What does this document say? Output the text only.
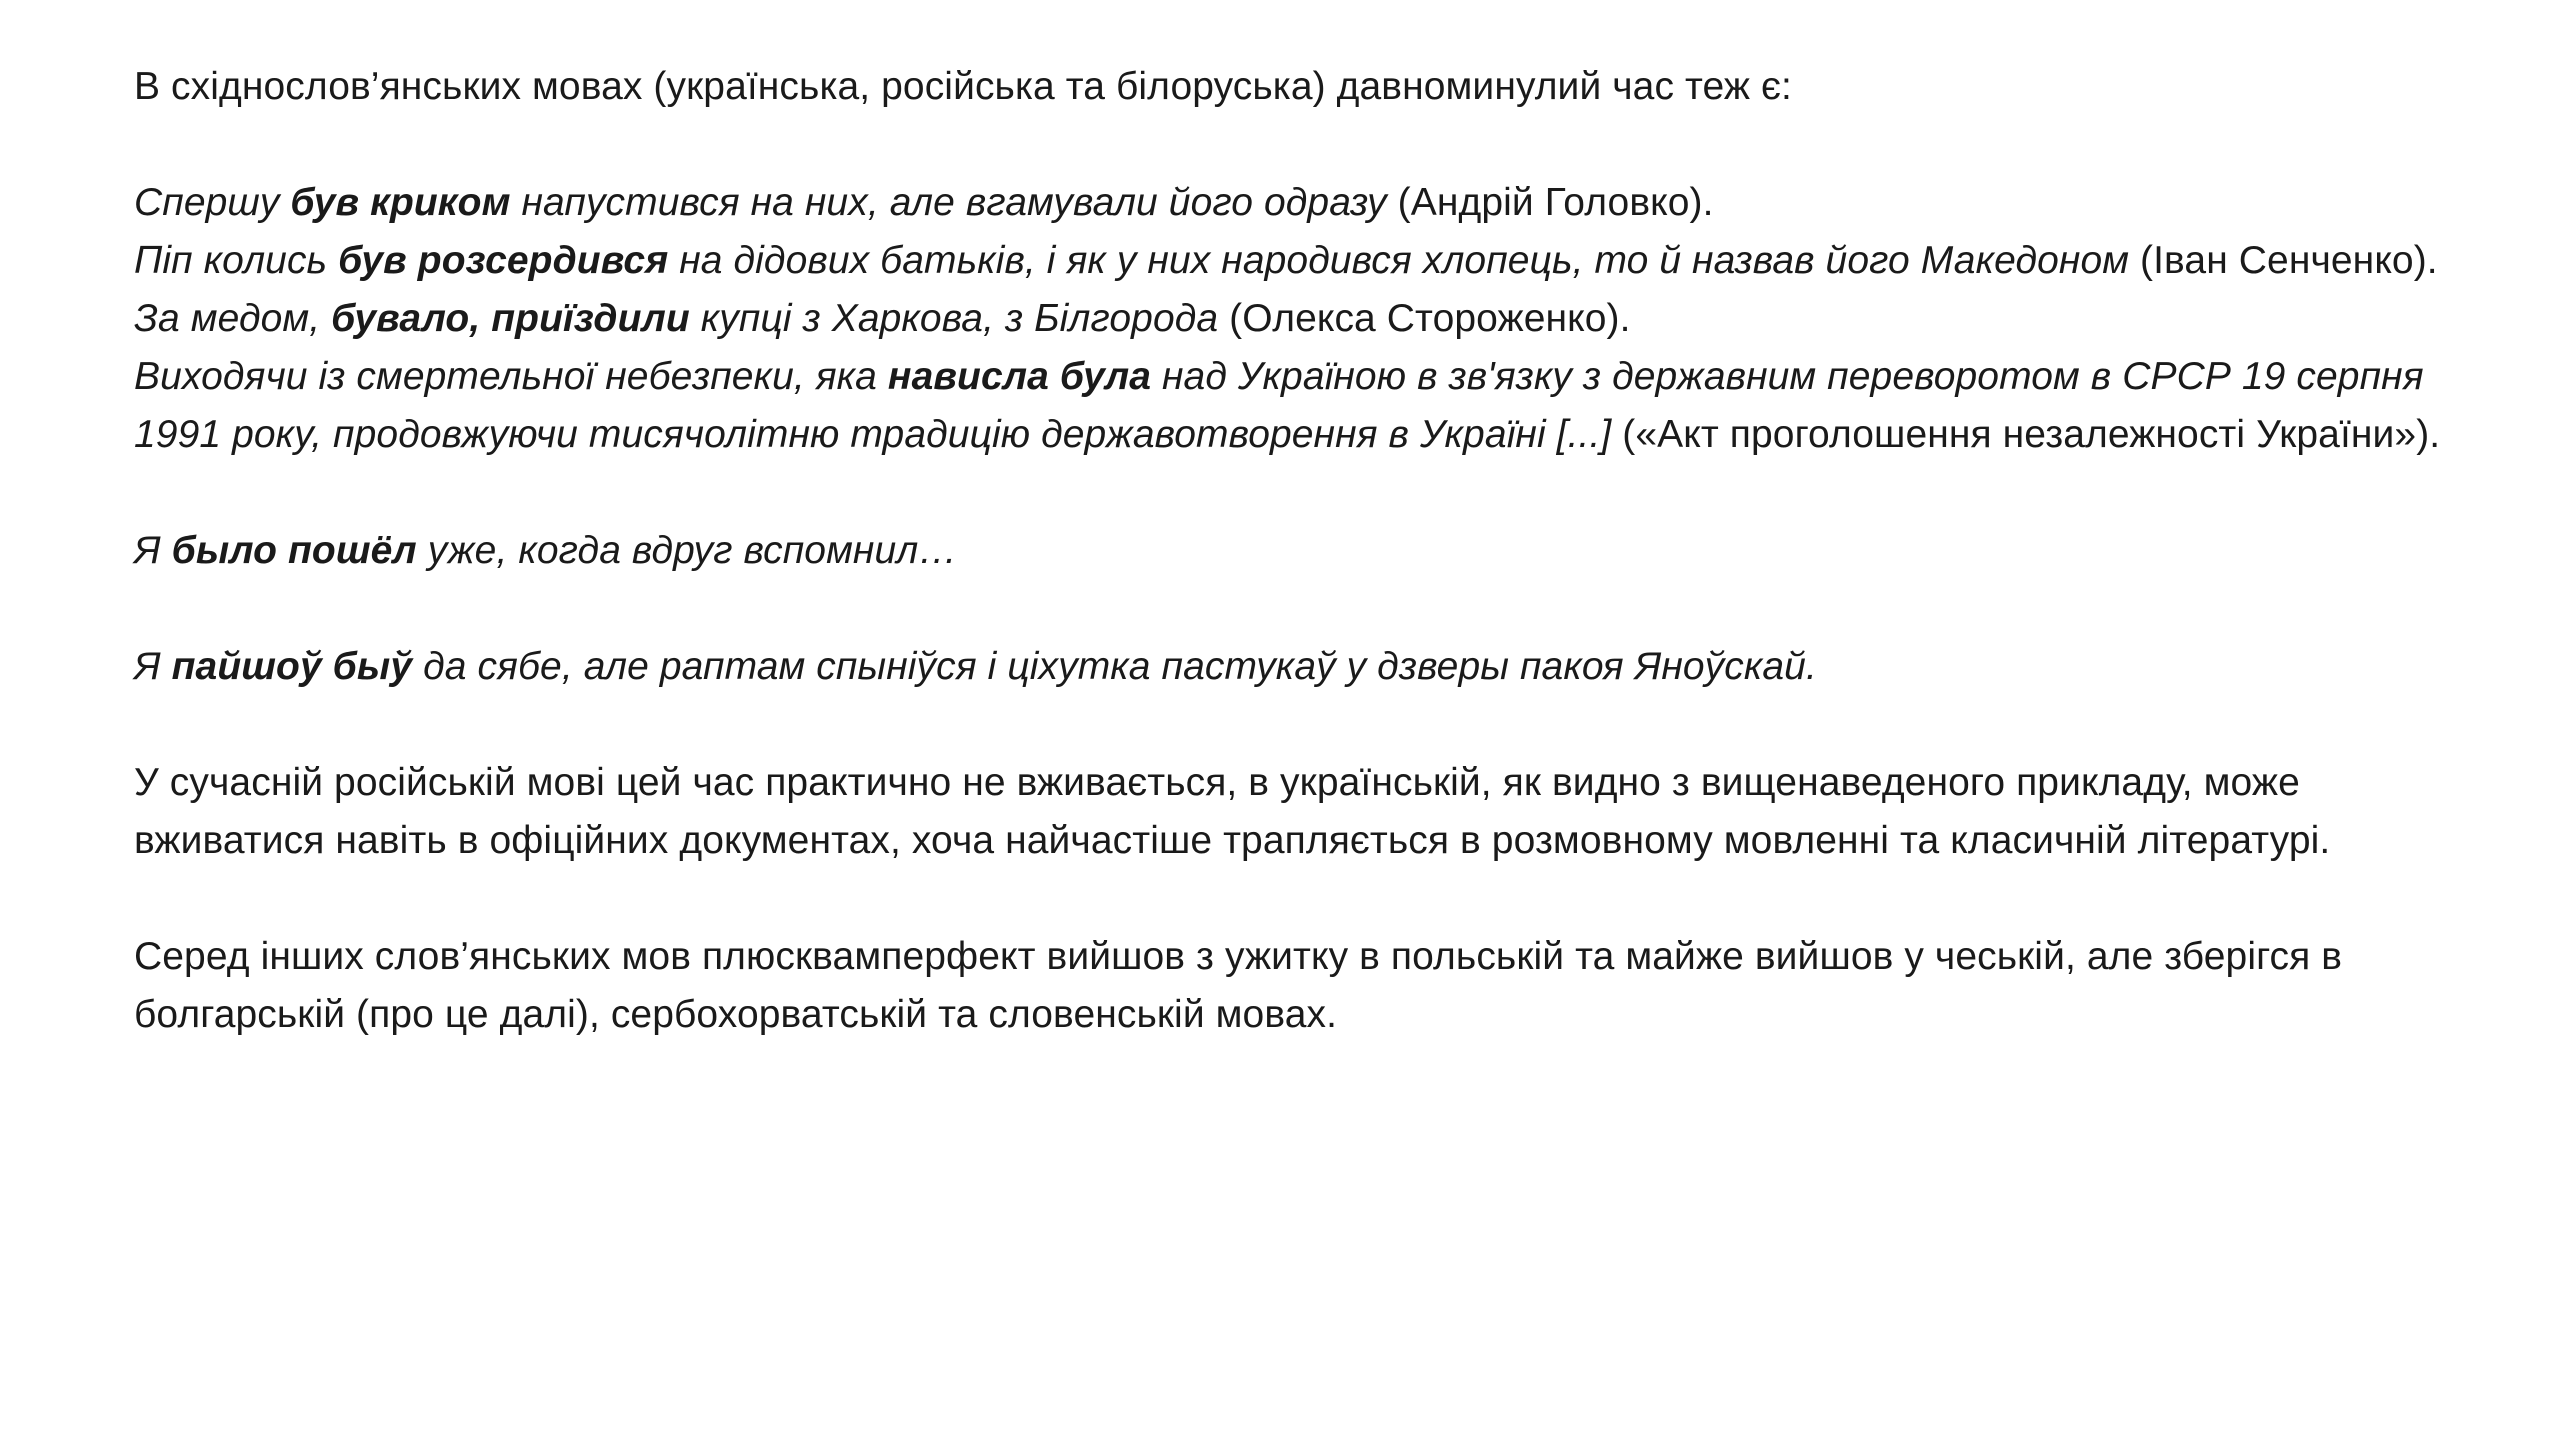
В східнослов’янських мовах (українська, російська та білоруська) давноминулий час теж є:

Спершу був криком напустився на них, але вгамували його одразу (Андрій Головко).

Піп колись був розсердився на дідових батьків, і як у них народився хлопець, то й назвав його Македоном (Іван Сенченко).

За медом, бувало, приїздили купці з Харкова, з Білгорода (Олекса Стороженко).

Виходячи із смертельної небезпеки, яка нависла була над Україною в зв'язку з державним переворотом в СРСР 19 серпня 1991 року, продовжуючи тисячолітню традицію державотворення в Україні [...] («Акт проголошення незалежності України»).

Я было пошёл уже, когда вдруг вспомнил…

Я пайшоў быў да сябе, але раптам спыніўся і ціхутка пастукаў у дзверы пакоя Яноўскай.

У сучасній російській мові цей час практично не вживається, в українській, як видно з вищенаведеного прикладу, може вживатися навіть в офіційних документах, хоча найчастіше трапляється в розмовному мовленні та класичній літературі.

Серед інших слов’янських мов плюсквамперфект вийшов з ужитку в польській та майже вийшов у чеській, але зберігся в болгарській (про це далі), сербохорватській та словенській мовах.
